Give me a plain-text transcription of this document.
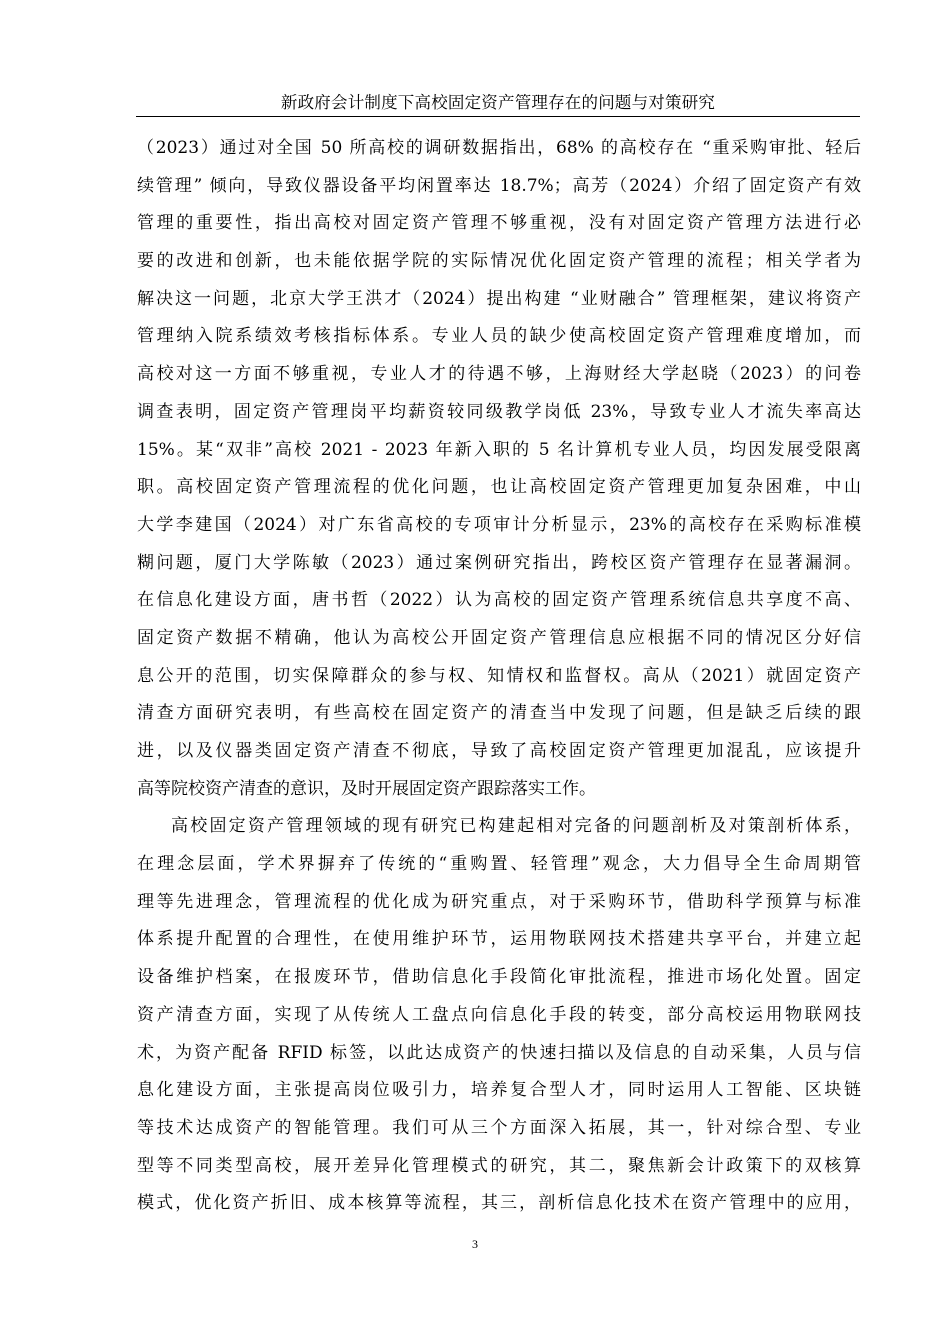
新政府会计制度下高校固定资产管理存在的问题与对策研究
（2023）通过对全国 50 所高校的调研数据指出，68% 的高校存在 “重采购审批、轻后
续管理” 倾向，导致仪器设备平均闲置率达 18.7%；高芳（2024）介绍了固定资产有效
管理的重要性，指出高校对固定资产管理不够重视，没有对固定资产管理方法进行必
要的改进和创新，也未能依据学院的实际情况优化固定资产管理的流程；相关学者为
解决这一问题，北京大学王洪才（2024）提出构建 “业财融合” 管理框架，建议将资产
管理纳入院系绩效考核指标体系。专业人员的缺少使高校固定资产管理难度增加，而
高校对这一方面不够重视，专业人才的待遇不够，上海财经大学赵晓（2023）的问卷
调查表明，固定资产管理岗平均薪资较同级教学岗低 23%，导致专业人才流失率高达
15%。某“双非”高校 2021 - 2023 年新入职的 5 名计算机专业人员，均因发展受限离
职。高校固定资产管理流程的优化问题，也让高校固定资产管理更加复杂困难，中山
大学李建国（2024）对广东省高校的专项审计分析显示，23%的高校存在采购标准模
糊问题，厦门大学陈敏（2023）通过案例研究指出，跨校区资产管理存在显著漏洞。
在信息化建设方面，唐书哲（2022）认为高校的固定资产管理系统信息共享度不高、
固定资产数据不精确，他认为高校公开固定资产管理信息应根据不同的情况区分好信
息公开的范围，切实保障群众的参与权、知情权和监督权。高从（2021）就固定资产
清查方面研究表明，有些高校在固定资产的清查当中发现了问题，但是缺乏后续的跟
进，以及仪器类固定资产清查不彻底，导致了高校固定资产管理更加混乱，应该提升
高等院校资产清查的意识，及时开展固定资产跟踪落实工作。
高校固定资产管理领域的现有研究已构建起相对完备的问题剖析及对策剖析体系，
在理念层面，学术界摒弃了传统的“重购置、轻管理”观念，大力倡导全生命周期管
理等先进理念，管理流程的优化成为研究重点，对于采购环节，借助科学预算与标准
体系提升配置的合理性，在使用维护环节，运用物联网技术搭建共享平台，并建立起
设备维护档案，在报废环节，借助信息化手段简化审批流程，推进市场化处置。固定
资产清查方面，实现了从传统人工盘点向信息化手段的转变，部分高校运用物联网技
术，为资产配备 RFID 标签，以此达成资产的快速扫描以及信息的自动采集，人员与信
息化建设方面，主张提高岗位吸引力，培养复合型人才，同时运用人工智能、区块链
等技术达成资产的智能管理。我们可从三个方面深入拓展，其一，针对综合型、专业
型等不同类型高校，展开差异化管理模式的研究，其二，聚焦新会计政策下的双核算
模式，优化资产折旧、成本核算等流程，其三，剖析信息化技术在资产管理中的应用，
3
